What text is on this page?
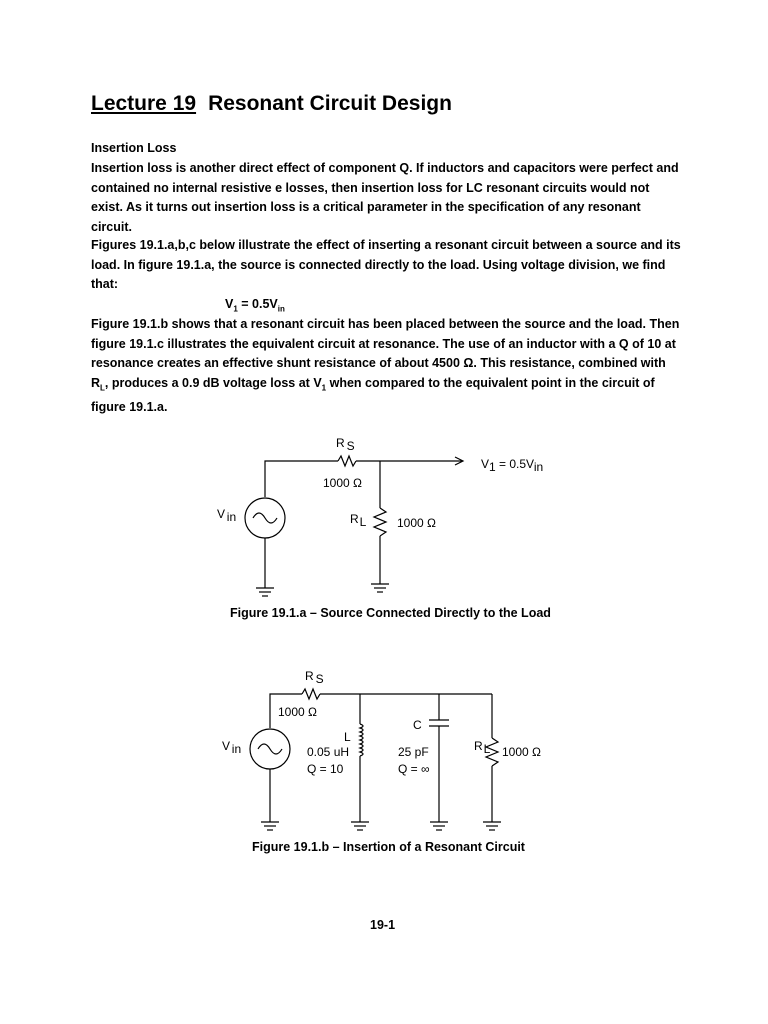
Lecture 19 Resonant Circuit Design
Insertion Loss

Insertion loss is another direct effect of component Q. If inductors and capacitors were perfect and contained no internal resistive e losses, then insertion loss for LC resonant circuits would not exist. As it turns out insertion loss is a critical parameter in the specification of any resonant circuit.

Figures 19.1.a,b,c below illustrate the effect of inserting a resonant circuit between a source and its load. In figure 19.1.a, the source is connected directly to the load. Using voltage division, we find that:

$V_1 = 0.5V_{in}$

Figure 19.1.b shows that a resonant circuit has been placed between the source and the load. Then figure 19.1.c illustrates the equivalent circuit at resonance. The use of an inductor with a Q of 10 at resonance creates an effective shunt resistance of about 4500 Ω. This resistance, combined with $R_L$, produces a 0.9 dB voltage loss at $V_1$ when compared to the equivalent point in the circuit of figure 19.1.a.

R S
1000 Ω
V1 = 0.5Vin
V in	RL	1000 Ω

Figure 19.1.a – Source Connected Directly to the Load

R S
1000 Ω
V in
L
0.05 uH
Q = 10
C
25 pF
Q = ∞
RL 1000 Ω

Figure 19.1.b – Insertion of a Resonant Circuit

19-1
